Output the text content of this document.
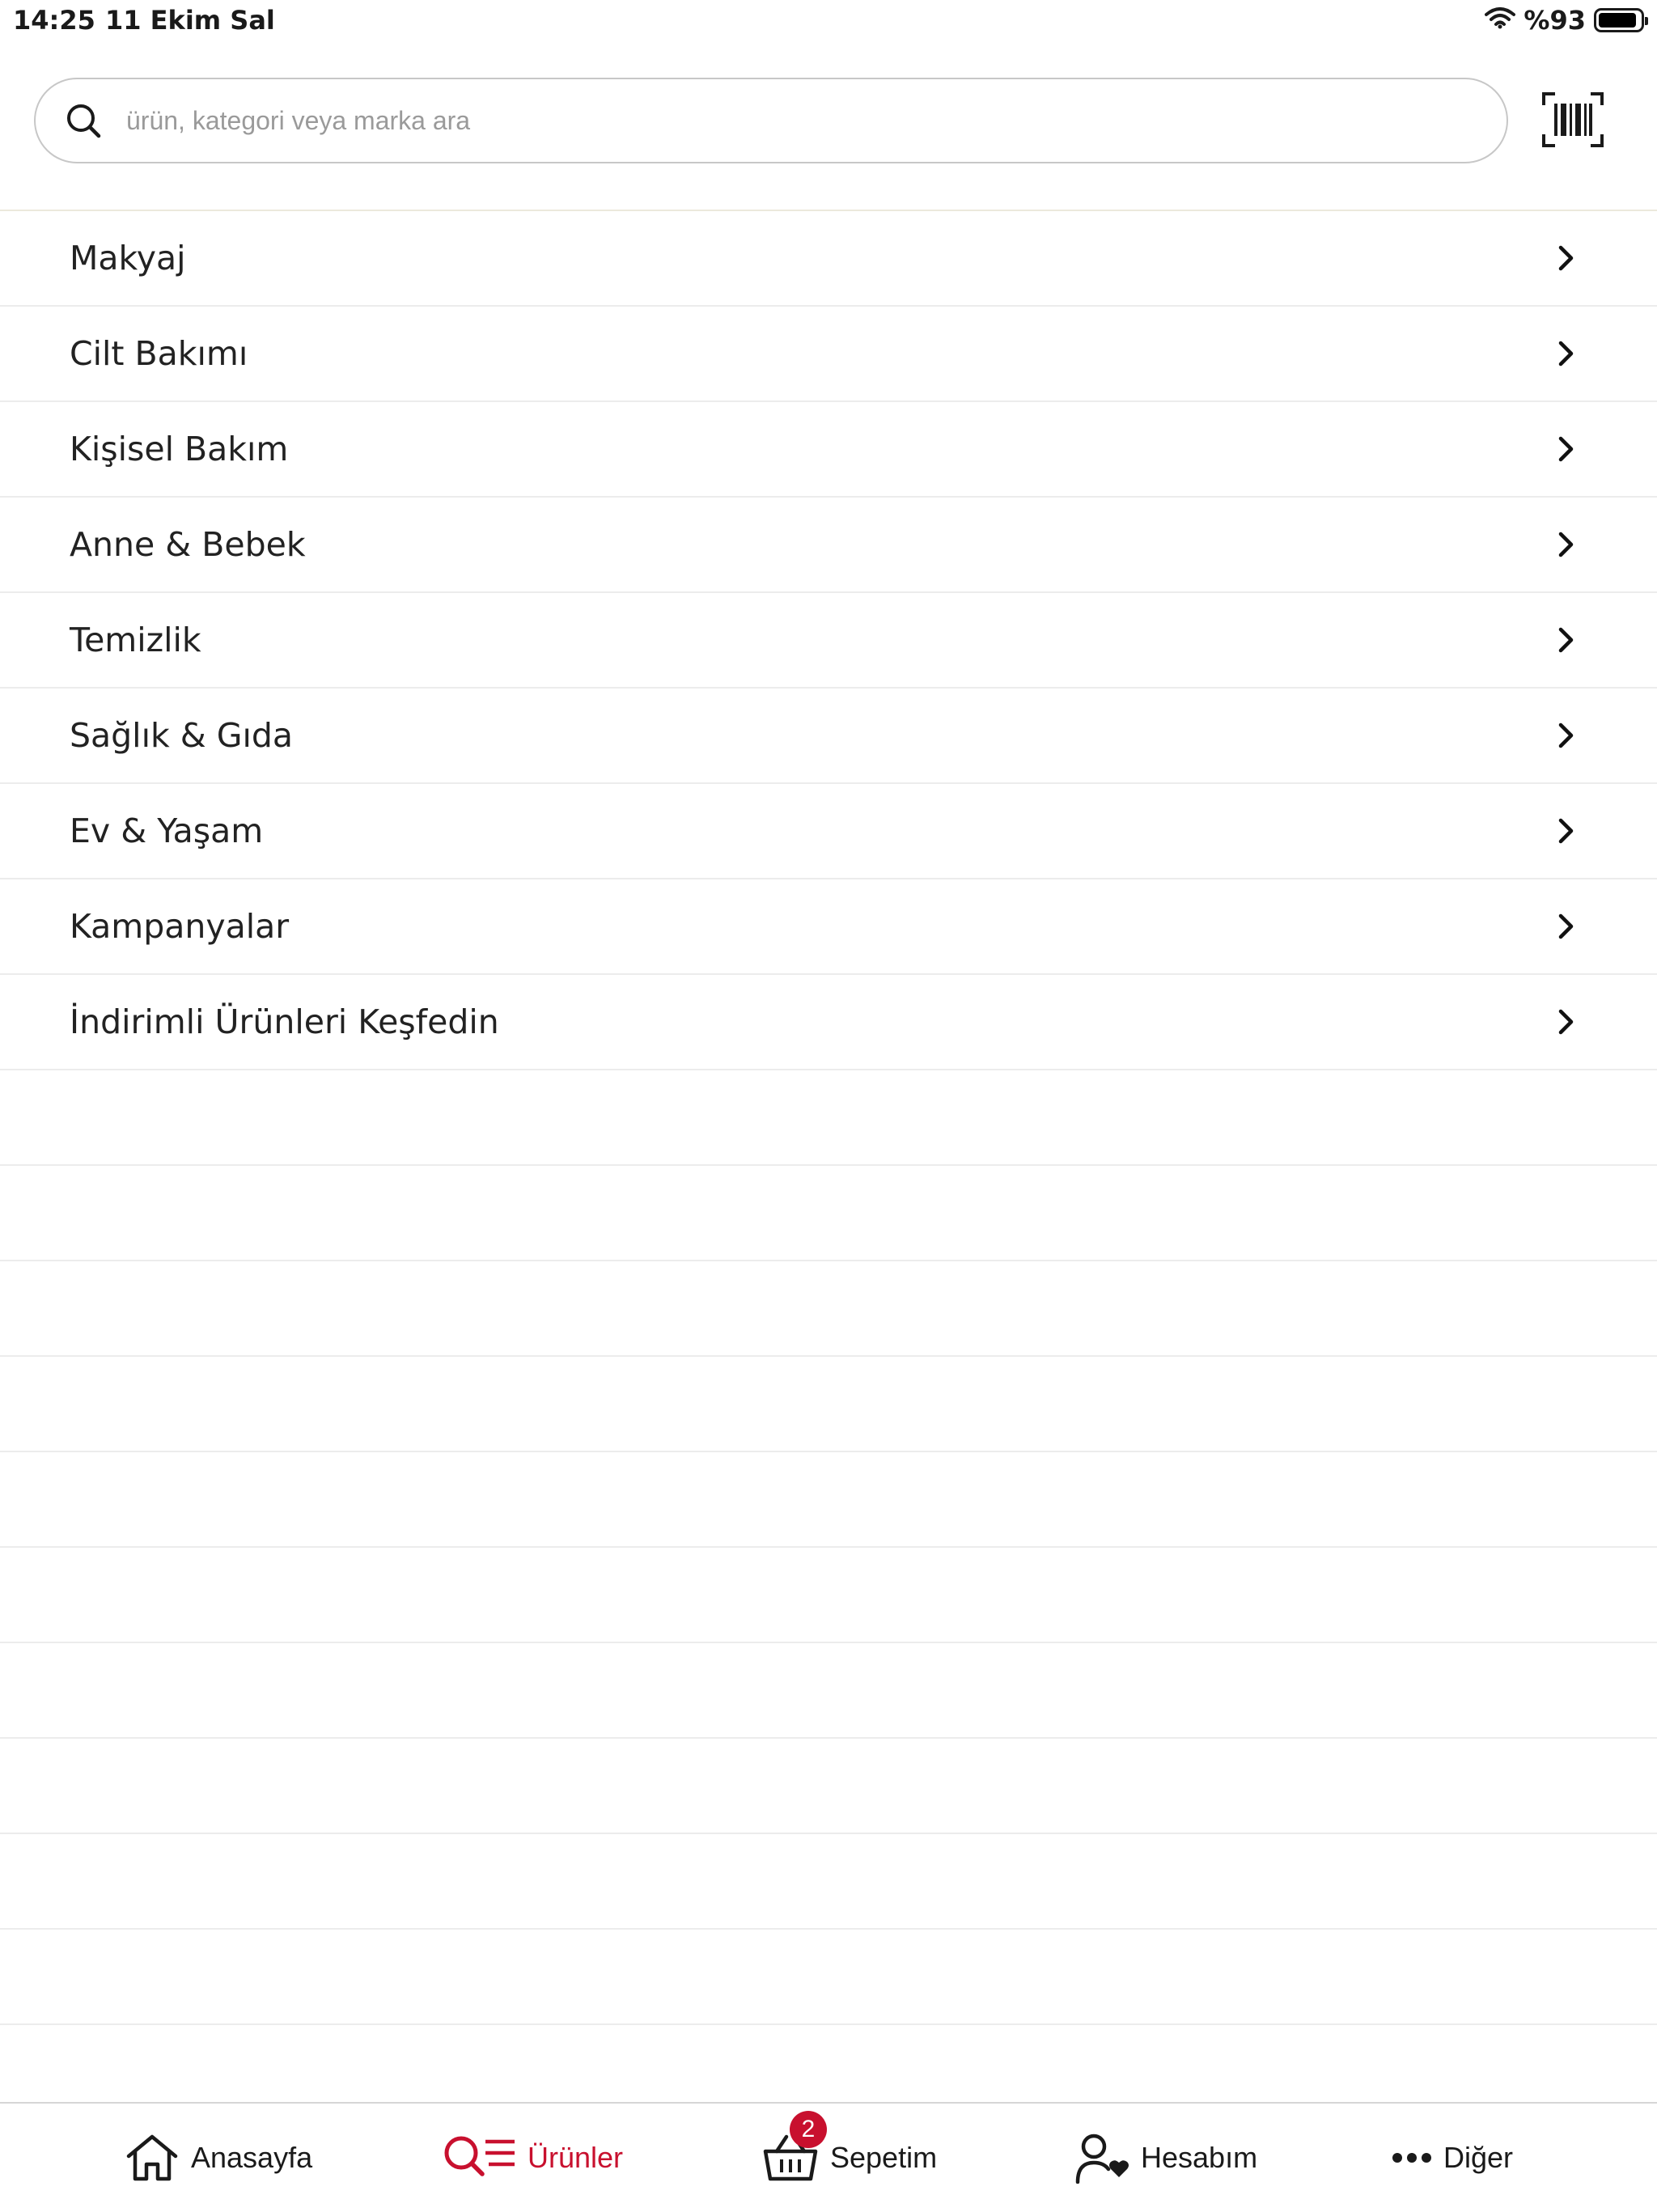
14:25 11 Ekim Sal	%93
ürün, kategori veya marka ara
Makyaj
Cilt Bakımı
Kişisel Bakım
Anne & Bebek
Temizlik
Sağlık & Gıda
Ev & Yaşam
Kampanyalar
İndirimli Ürünleri Keşfedin
Anasayfa	Ürünler
2
Sepetim	Hesabım	Diğer
